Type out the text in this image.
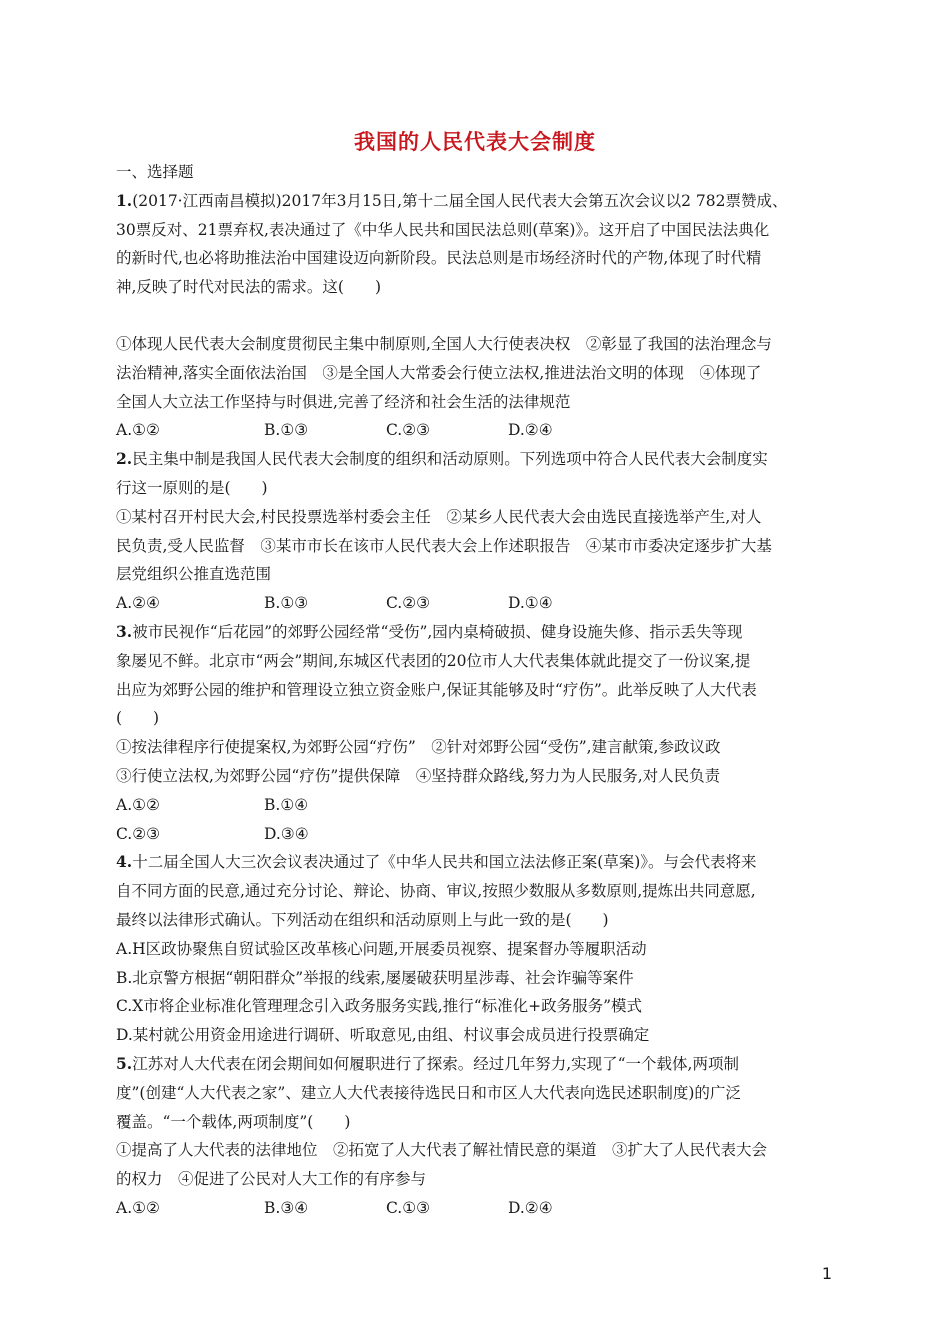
我国的人民代表大会制度
一、选择题
1.(2017·江西南昌模拟)2017年3月15日,第十二届全国人民代表大会第五次会议以2 782票赞成、
30票反对、21票弃权,表决通过了《中华人民共和国民法总则(草案)》。这开启了中国民法法典化
的新时代,也必将助推法治中国建设迈向新阶段。民法总则是市场经济时代的产物,体现了时代精
神,反映了时代对民法的需求。这(　　)
①体现人民代表大会制度贯彻民主集中制原则,全国人大行使表决权　②彰显了我国的法治理念与
法治精神,落实全面依法治国　③是全国人大常委会行使立法权,推进法治文明的体现　④体现了
全国人大立法工作坚持与时俱进,完善了经济和社会生活的法律规范
A.①②	B.①③	C.②③	D.②④
2.民主集中制是我国人民代表大会制度的组织和活动原则。下列选项中符合人民代表大会制度实
行这一原则的是(　　)
①某村召开村民大会,村民投票选举村委会主任　②某乡人民代表大会由选民直接选举产生,对人
民负责,受人民监督　③某市市长在该市人民代表大会上作述职报告　④某市市委决定逐步扩大基
层党组织公推直选范围
A.②④	B.①③	C.②③	D.①④
3.被市民视作“后花园”的郊野公园经常“受伤”,园内桌椅破损、健身设施失修、指示丢失等现
象屡见不鲜。北京市“两会”期间,东城区代表团的20位市人大代表集体就此提交了一份议案,提
出应为郊野公园的维护和管理设立独立资金账户,保证其能够及时“疗伤”。此举反映了人大代表
(　　)
①按法律程序行使提案权,为郊野公园“疗伤”　②针对郊野公园“受伤”,建言献策,参政议政
③行使立法权,为郊野公园“疗伤”提供保障　④坚持群众路线,努力为人民服务,对人民负责
A.①②	B.①④
C.②③	D.③④
4.十二届全国人大三次会议表决通过了《中华人民共和国立法法修正案(草案)》。与会代表将来
自不同方面的民意,通过充分讨论、辩论、协商、审议,按照少数服从多数原则,提炼出共同意愿,
最终以法律形式确认。下列活动在组织和活动原则上与此一致的是(　　)
A.H区政协聚焦自贸试验区改革核心问题,开展委员视察、提案督办等履职活动
B.北京警方根据“朝阳群众”举报的线索,屡屡破获明星涉毒、社会诈骗等案件
C.X市将企业标准化管理理念引入政务服务实践,推行“标准化+政务服务”模式
D.某村就公用资金用途进行调研、听取意见,由组、村议事会成员进行投票确定
5.江苏对人大代表在闭会期间如何履职进行了探索。经过几年努力,实现了“一个载体,两项制
度”(创建“人大代表之家”、建立人大代表接待选民日和市区人大代表向选民述职制度)的广泛
覆盖。“一个载体,两项制度”(　　)
①提高了人大代表的法律地位　②拓宽了人大代表了解社情民意的渠道　③扩大了人民代表大会
的权力　④促进了公民对人大工作的有序参与
A.①②	B.③④	C.①③	D.②④
1
